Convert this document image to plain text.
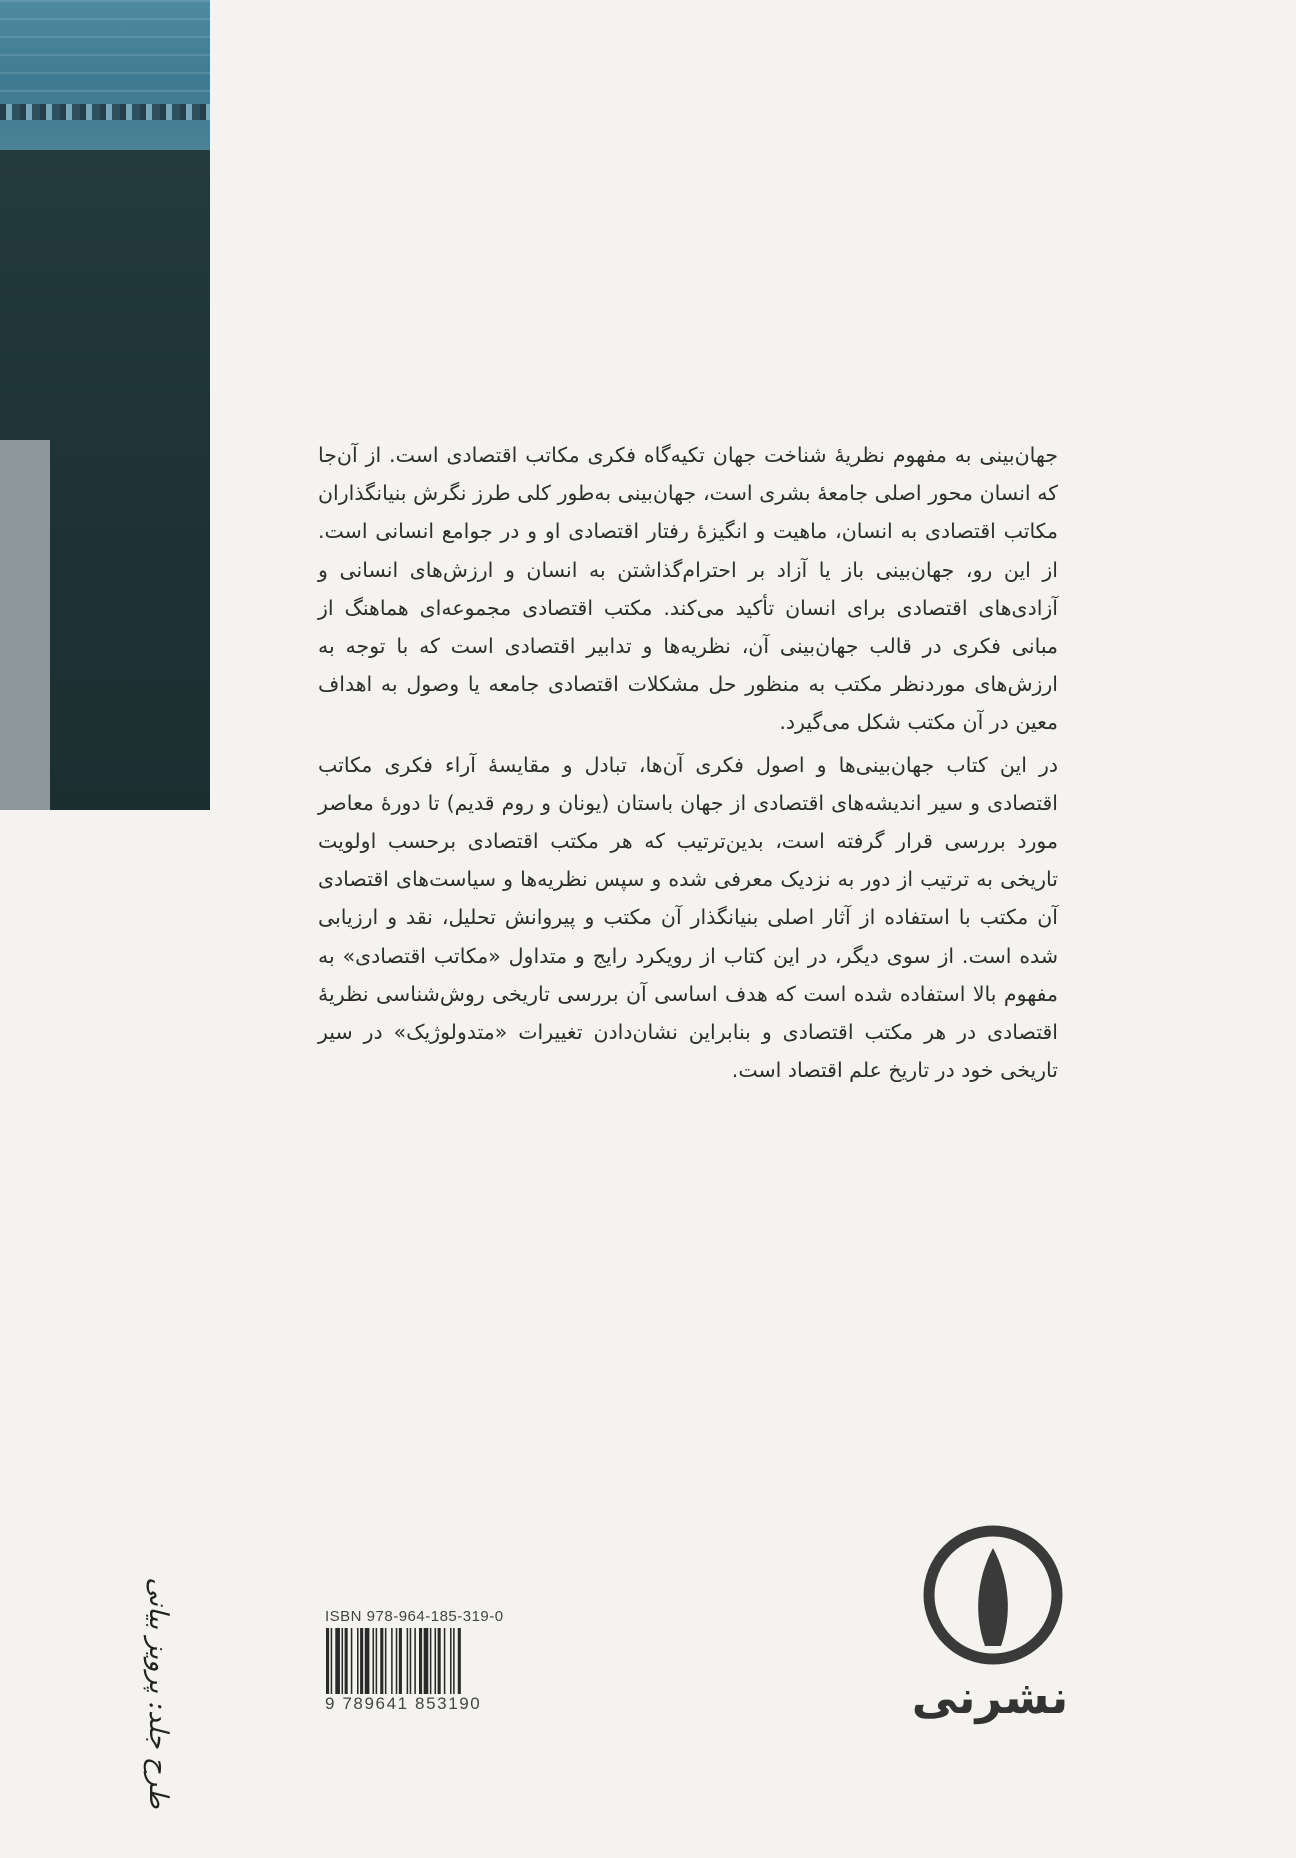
جهان‌بینی به مفهوم نظریهٔ شناخت جهان تکیه‌گاه فکری مکاتب اقتصادی است. از آن‌جا که انسان محور اصلی جامعهٔ بشری است، جهان‌بینی به‌طور کلی طرز نگرش بنیانگذاران مکاتب اقتصادی به انسان، ماهیت و انگیزهٔ رفتار اقتصادی او و در جوامع انسانی است. از این رو، جهان‌بینی باز یا آزاد بر احترام‌گذاشتن به انسان و ارزش‌های انسانی و آزادی‌های اقتصادی برای انسان تأکید می‌کند. مکتب اقتصادی مجموعه‌ای هماهنگ از مبانی فکری در قالب جهان‌بینی آن، نظریه‌ها و تدابیر اقتصادی است که با توجه به ارزش‌های موردنظر مکتب به منظور حل مشکلات اقتصادی جامعه یا وصول به اهداف معین در آن مکتب شکل می‌گیرد.

در این کتاب جهان‌بینی‌ها و اصول فکری آن‌ها، تبادل و مقایسهٔ آراء فکری مکاتب اقتصادی و سیر اندیشه‌های اقتصادی از جهان باستان (یونان و روم قدیم) تا دورهٔ معاصر مورد بررسی قرار گرفته است، بدین‌ترتیب که هر مکتب اقتصادی برحسب اولویت تاریخی به ترتیب از دور به نزدیک معرفی شده و سپس نظریه‌ها و سیاست‌های اقتصادی آن مکتب با استفاده از آثار اصلی بنیانگذار آن مکتب و پیروانش تحلیل، نقد و ارزیابی شده است. از سوی دیگر، در این کتاب از رویکرد رایج و متداول «مکاتب اقتصادی» به مفهوم بالا استفاده شده است که هدف اساسی آن بررسی تاریخی روش‌شناسی نظریهٔ اقتصادی در هر مکتب اقتصادی و بنابراین نشان‌دادن تغییرات «متدولوژیک» در سیر تاریخی خود در تاریخ علم اقتصاد است.

طرح جلد: پرویز بیانی	ISBN 978-964-185-319-0
9 789641 853190	نشرنی
